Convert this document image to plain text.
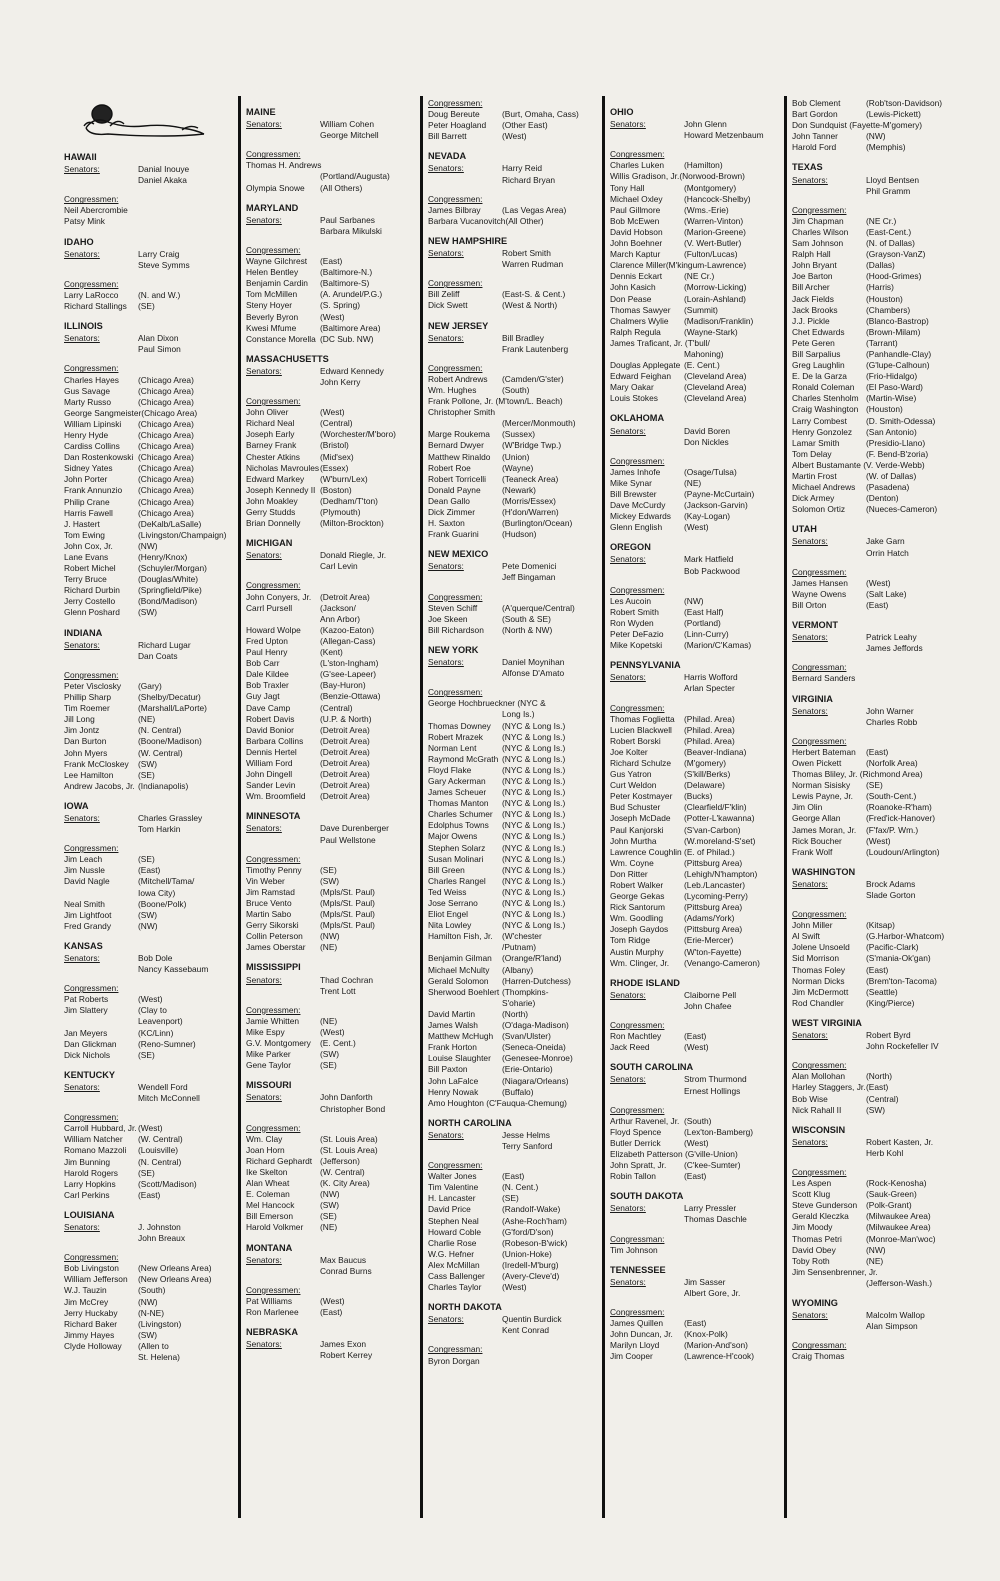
HAWAII
Senators:	Danial Inouye
Daniel Akaka
Congressmen:
Neil Abercrombie
Patsy Mink
IDAHO
Senators:	Larry Craig
Steve Symms
Congressmen:
Larry LaRocco	(N. and W.)
Richard Stallings	(SE)
ILLINOIS
Senators:	Alan Dixon
Paul Simon
Congressmen:
Charles Hayes	(Chicago Area)
Gus Savage	(Chicago Area)
Marty Russo	(Chicago Area)
George Sangmeister (Chicago Area)
William Lipinski	(Chicago Area)
Henry Hyde	(Chicago Area)
Cardiss Collins	(Chicago Area)
Dan Rostenkowski (Chicago Area)
Sidney Yates	(Chicago Area)
John Porter	(Chicago Area)
Frank Annunzio	(Chicago Area)
Philip Crane	(Chicago Area)
Harris Fawell	(Chicago Area)
J. Hastert	(DeKalb/LaSalle)
Tom Ewing	(Livingston/Champaign)
John Cox, Jr.	(NW)
Lane Evans	(Henry/Knox)
Robert Michel	(Schuyler/Morgan)
Terry Bruce	(Douglas/White)
Richard Durbin	(Springfield/Pike)
Jerry Costello	(Bond/Madison)
Glenn Poshard	(SW)
INDIANA
Senators:	Richard Lugar
Dan Coats
Congressmen:
Peter Visclosky	(Gary)
Phillip Sharp	(Shelby/Decatur)
Tim Roemer	(Marshall/LaPorte)
Jill Long	(NE)
Jim Jontz	(N. Central)
Dan Burton	(Boone/Madison)
John Myers	(W. Central)
Frank McCloskey	(SW)
Lee Hamilton	(SE)
Andrew Jacobs, Jr. (Indianapolis)
IOWA
Senators:	Charles Grassley
Tom Harkin
Congressmen:
Jim Leach	(SE)
Jim Nussle	(East)
David Nagle	(Mitchell/Tama/
Iowa City)
Neal Smith	(Boone/Polk)
Jim Lightfoot	(SW)
Fred Grandy	(NW)
KANSAS
Senators:	Bob Dole
Nancy Kassebaum
Congressmen:
Pat Roberts	(West)
Jim Slattery	(Clay to
Leavenport)
Jan Meyers	(KC/Linn)
Dan Glickman	(Reno-Sumner)
Dick Nichols	(SE)
KENTUCKY
Senators:	Wendell Ford
Mitch McConnell
Congressmen:
Carroll Hubbard, Jr. (West)
William Natcher	(W. Central)
Romano Mazzoli	(Louisville)
Jim Bunning	(N. Central)
Harold Rogers	(SE)
Larry Hopkins	(Scott/Madison)
Carl Perkins	(East)
LOUISIANA
Senators:	J. Johnston
John Breaux
Congressmen:
Bob Livingston	(New Orleans Area)
William Jefferson	(New Orleans Area)
W.J. Tauzin	(South)
Jim McCrey	(NW)
Jerry Huckaby	(N-NE)
Richard Baker	(Livingston)
Jimmy Hayes	(SW)
Clyde Holloway	(Allen to
St. Helena)
MAINE
Senators:	William Cohen
George Mitchell
Congressmen:
Thomas H. Andrews
(Portland/Augusta)
Olympia Snowe	(All Others)
MARYLAND
Senators:	Paul Sarbanes
Barbara Mikulski
Congressmen:
Wayne Gilchrest	(East)
Helen Bentley	(Baltimore-N.)
Benjamin Cardin	(Baltimore-S)
Tom McMillen	(A. Arundel/P.G.)
Steny Hoyer	(S. Spring)
Beverly Byron	(West)
Kwesi Mfume	(Baltimore Area)
Constance Morella (DC Sub. NW)
MASSACHUSETTS
Senators:	Edward Kennedy
John Kerry
Congressmen:
John Oliver	(West)
Richard Neal	(Central)
Joseph Early	(Worchester/M'boro)
Barney Frank	(Bristol)
Chester Atkins	(Mid'sex)
Nicholas Mavroules (Essex)
Edward Markey	(W'burn/Lex)
Joseph Kennedy II (Boston)
John Moakley	(Dedham/T'ton)
Gerry Studds	(Plymouth)
Brian Donnelly	(Milton-Brockton)
MICHIGAN
Senators:	Donald Riegle, Jr.
Carl Levin
Congressmen:
John Conyers, Jr.	(Detroit Area)
Carrl Pursell	(Jackson/
Ann Arbor)
Howard Wolpe	(Kazoo-Eaton)
Fred Upton	(Allegan-Cass)
Paul Henry	(Kent)
Bob Carr	(L'ston-Ingham)
Dale Kildee	(G'see-Lapeer)
Bob Traxler	(Bay-Huron)
Guy Jagt	(Benzie-Ottawa)
Dave Camp	(Central)
Robert Davis	(U.P. & North)
David Bonior	(Detroit Area)
Barbara Collins	(Detroit Area)
Dennis Hertel	(Detroit Area)
William Ford	(Detroit Area)
John Dingell	(Detroit Area)
Sander Levin	(Detroit Area)
Wm. Broomfield	(Detroit Area)
MINNESOTA
Senators:	Dave Durenberger
Paul Wellstone
Congressmen:
Timothy Penny	(SE)
Vin Weber	(SW)
Jim Ramstad	(Mpls/St. Paul)
Bruce Vento	(Mpls/St. Paul)
Martin Sabo	(Mpls/St. Paul)
Gerry Sikorski	(Mpls/St. Paul)
Collin Peterson	(NW)
James Oberstar	(NE)
MISSISSIPPI
Senators:	Thad Cochran
Trent Lott
Congressmen:
Jamie Whitten	(NE)
Mike Espy	(West)
G.V. Montgomery	(E. Cent.)
Mike Parker	(SW)
Gene Taylor	(SE)
MISSOURI
Senators:	John Danforth
Christopher Bond
Congressmen:
Wm. Clay	(St. Louis Area)
Joan Horn	(St. Louis Area)
Richard Gephardt (Jefferson)
Ike Skelton	(W. Central)
Alan Wheat	(K. City Area)
E. Coleman	(NW)
Mel Hancock	(SW)
Bill Emerson	(SE)
Harold Volkmer	(NE)
MONTANA
Senators:	Max Baucus
Conrad Burns
Congressmen:
Pat Williams	(West)
Ron Marlenee	(East)
NEBRASKA
Senators:	James Exon
Robert Kerrey
Congressmen:
Doug Bereute	(Burt, Omaha, Cass)
Peter Hoagland	(Other East)
Bill Barrett	(West)
NEVADA
Senators:	Harry Reid
Richard Bryan
Congressmen:
James Bilbray	(Las Vegas Area)
Barbara Vucanovitch (All Other)
NEW HAMPSHIRE
Senators:	Robert Smith
Warren Rudman
Congressmen:
Bill Zeliff	(East-S. & Cent.)
Dick Swett	(West & North)
NEW JERSEY
Senators:	Bill Bradley
Frank Lautenberg
Congressmen:
Robert Andrews	(Camden/G'ster)
Wm. Hughes	(South)
Frank Pollone, Jr. (M'town/L. Beach)
Christopher Smith
(Mercer/Monmouth)
Marge Roukema	(Sussex)
Bernard Dwyer	(W'Bridge Twp.)
Matthew Rinaldo	(Union)
Robert Roe	(Wayne)
Robert Torricelli	(Teaneck Area)
Donald Payne	(Newark)
Dean Gallo	(Morris/Essex)
Dick Zimmer	(H'don/Warren)
H. Saxton	(Burlington/Ocean)
Frank Guarini	(Hudson)
NEW MEXICO
Senators:	Pete Domenici
Jeff Bingaman
Congressmen:
Steven Schiff	(A'querque/Central)
Joe Skeen	(South & SE)
Bill Richardson	(North & NW)
NEW YORK
Senators:	Daniel Moynihan
Alfonse D'Amato
Congressmen:
George Hochbrueckner (NYC &
Long Is.)
Thomas Downey	(NYC & Long Is.)
Robert Mrazek	(NYC & Long Is.)
Norman Lent	(NYC & Long Is.)
Raymond McGrath (NYC & Long Is.)
Floyd Flake	(NYC & Long Is.)
Gary Ackerman	(NYC & Long Is.)
James Scheuer	(NYC & Long Is.)
Thomas Manton	(NYC & Long Is.)
Charles Schumer	(NYC & Long Is.)
Edolphus Towns	(NYC & Long Is.)
Major Owens	(NYC & Long Is.)
Stephen Solarz	(NYC & Long Is.)
Susan Molinari	(NYC & Long Is.)
Bill Green	(NYC & Long Is.)
Charles Rangel	(NYC & Long Is.)
Ted Weiss	(NYC & Long Is.)
Jose Serrano	(NYC & Long Is.)
Eliot Engel	(NYC & Long Is.)
Nita Lowley	(NYC & Long Is.)
Hamilton Fish, Jr.	(W'chester
/Putnam)
Benjamin Gilman	(Orange/R'land)
Michael McNulty	(Albany)
Gerald Solomon	(Harren-Dutchess)
Sherwood Boehlert (Thompkins-
S'oharie)
David Martin	(North)
James Walsh	(O'daga-Madison)
Matthew McHugh	(Svan/Ulster)
Frank Horton	(Seneca-Oneida)
Louise Slaughter	(Genesee-Monroe)
Bill Paxton	(Erie-Ontario)
John LaFalce	(Niagara/Orleans)
Henry Nowak	(Buffalo)
Amo Houghton (C'Fauqua-Chemung)
NORTH CAROLINA
Senators:	Jesse Helms
Terry Sanford
Congressmen:
Walter Jones	(East)
Tim Valentine	(N. Cent.)
H. Lancaster	(SE)
David Price	(Randolf-Wake)
Stephen Neal	(Ashe-Roch'ham)
Howard Coble	(G'ford/D'son)
Charlie Rose	(Robeson-B'wick)
W.G. Hefner	(Union-Hoke)
Alex McMillan	(Iredell-M'burg)
Cass Ballenger	(Avery-Cleve'd)
Charles Taylor	(West)
NORTH DAKOTA
Senators:	Quentin Burdick
Kent Conrad
Congressman:
Byron Dorgan
OHIO
Senators:	John Glenn
Howard Metzenbaum
Congressmen:
Charles Luken	(Hamilton)
Willis Gradison, Jr.(Norwood-Brown)
Tony Hall	(Montgomery)
Michael Oxley	(Hancock-Shelby)
Paul Gillmore	(Wms.-Erie)
Bob McEwen	(Warren-Vinton)
David Hobson	(Marion-Greene)
John Boehner	(V. Wert-Butler)
March Kaptur	(Fulton/Lucas)
Clarence Miller(M'kingum-Lawrence)
Dennis Eckart	(NE Cr.)
John Kasich	(Morrow-Licking)
Don Pease	(Lorain-Ashland)
Thomas Sawyer	(Summit)
Chalmers Wylie	(Madison/Franklin)
Ralph Regula	(Wayne-Stark)
James Traficant, Jr. (T'bull/
Mahoning)
Douglas Applegate (E. Cent.)
Edward Feighan	(Cleveland Area)
Mary Oakar	(Cleveland Area)
Louis Stokes	(Cleveland Area)
OKLAHOMA
Senators:	David Boren
Don Nickles
Congressmen:
James Inhofe	(Osage/Tulsa)
Mike Synar	(NE)
Bill Brewster	(Payne-McCurtain)
Dave McCurdy	(Jackson-Garvin)
Mickey Edwards	(Kay-Logan)
Glenn English	(West)
OREGON
Senators:	Mark Hatfield
Bob Packwood
Congressmen:
Les Aucoin	(NW)
Robert Smith	(East Half)
Ron Wyden	(Portland)
Peter DeFazio	(Linn-Curry)
Mike Kopetski	(Marion/C'Kamas)
PENNSYLVANIA
Senators:	Harris Wofford
Arlan Specter
Congressmen:
Thomas Foglietta	(Philad. Area)
Lucien Blackwell	(Philad. Area)
Robert Borski	(Philad. Area)
Joe Kolter	(Beaver-Indiana)
Richard Schulze	(M'gomery)
Gus Yatron	(S'kill/Berks)
Curt Weldon	(Delaware)
Peter Kostmayer	(Bucks)
Bud Schuster	(Clearfield/F'klin)
Joseph McDade	(Potter-L'kawanna)
Paul Kanjorski	(S'van-Carbon)
John Murtha	(W.moreland-S'set)
Lawrence Coughlin (E. of Philad.)
Wm. Coyne	(Pittsburg Area)
Don Ritter	(Lehigh/N'hampton)
Robert Walker	(Leb./Lancaster)
George Gekas	(Lycoming-Perry)
Rick Santorum	(Pittsburg Area)
Wm. Goodling	(Adams/York)
Joseph Gaydos	(Pittsburg Area)
Tom Ridge	(Erie-Mercer)
Austin Murphy	(W'ton-Fayette)
Wm. Clinger, Jr.	(Venango-Cameron)
RHODE ISLAND
Senators:	Claiborne Pell
John Chafee
Congressmen:
Ron Machtley	(East)
Jack Reed	(West)
SOUTH CAROLINA
Senators:	Strom Thurmond
Ernest Hollings
Congressmen:
Arthur Ravenel, Jr. (South)
Floyd Spence	(Lex'ton-Bamberg)
Butler Derrick	(West)
Elizabeth Patterson (G'ville-Union)
John Spratt, Jr.	(C'kee-Sumter)
Robin Tallon	(East)
SOUTH DAKOTA
Senators:	Larry Pressler
Thomas Daschle
Congressman:
Tim Johnson
TENNESSEE
Senators:	Jim Sasser
Albert Gore, Jr.
Congressmen:
James Quillen	(East)
John Duncan, Jr.	(Knox-Polk)
Marilyn Lloyd	(Marion-And'son)
Jim Cooper	(Lawrence-H'cook)
Bob Clement	(Rob'tson-Davidson)
Bart Gordon	(Lewis-Pickett)
Don Sundquist (Fayette-M'gomery)
John Tanner	(NW)
Harold Ford	(Memphis)
TEXAS
Senators:	Lloyd Bentsen
Phil Gramm
Congressmen:
Jim Chapman	(NE Cr.)
Charles Wilson	(East-Cent.)
Sam Johnson	(N. of Dallas)
Ralph Hall	(Grayson-VanZ)
John Bryant	(Dallas)
Joe Barton	(Hood-Grimes)
Bill Archer	(Harris)
Jack Fields	(Houston)
Jack Brooks	(Chambers)
J.J. Pickle	(Blanco-Bastrop)
Chet Edwards	(Brown-Milam)
Pete Geren	(Tarrant)
Bill Sarpalius	(Panhandle-Clay)
Greg Laughlin	(G'lupe-Calhoun)
E. De la Garza	(Frio-Hidalgo)
Ronald Coleman	(El Paso-Ward)
Charles Stenholm (Martin-Wise)
Craig Washington (Houston)
Larry Combest	(D. Smith-Odessa)
Henry Gonzolez	(San Antonio)
Lamar Smith	(Presidio-Llano)
Tom Delay	(F. Bend-B'zoria)
Albert Bustamante (V. Verde-Webb)
Martin Frost	(W. of Dallas)
Michael Andrews	(Pasadena)
Dick Armey	(Denton)
Solomon Ortiz	(Nueces-Cameron)
UTAH
Senators:	Jake Garn
Orrin Hatch
Congressmen:
James Hansen	(West)
Wayne Owens	(Salt Lake)
Bill Orton	(East)
VERMONT
Senators:	Patrick Leahy
James Jeffords
Congressman:
Bernard Sanders
VIRGINIA
Senators:	John Warner
Charles Robb
Congressmen:
Herbert Bateman	(East)
Owen Pickett	(Norfolk Area)
Thomas Bliley, Jr. (Richmond Area)
Norman Sisisky	(SE)
Lewis Payne, Jr.	(South-Cent.)
Jim Olin	(Roanoke-R'ham)
George Allan	(Fred'ick-Hanover)
James Moran, Jr.	(F'fax/P. Wm.)
Rick Boucher	(West)
Frank Wolf	(Loudoun/Arlington)
WASHINGTON
Senators:	Brock Adams
Slade Gorton
Congressmen:
John Miller	(Kitsap)
Al Swift	(G.Harbor-Whatcom)
Jolene Unsoeld	(Pacific-Clark)
Sid Morrison	(S'mania-Ok'gan)
Thomas Foley	(East)
Norman Dicks	(Brem'ton-Tacoma)
Jim McDermott	(Seattle)
Rod Chandler	(King/Pierce)
WEST VIRGINIA
Senators:	Robert Byrd
John Rockefeller IV
Congressmen:
Alan Mollohan	(North)
Harley Staggers, Jr. (East)
Bob Wise	(Central)
Nick Rahall II	(SW)
WISCONSIN
Senators:	Robert Kasten, Jr.
Herb Kohl
Congressmen:
Les Aspen	(Rock-Kenosha)
Scott Klug	(Sauk-Green)
Steve Gunderson	(Polk-Grant)
Gerald Kleczka	(Milwaukee Area)
Jim Moody	(Milwaukee Area)
Thomas Petri	(Monroe-Man'woc)
David Obey	(NW)
Toby Roth	(NE)
Jim Sensenbrenner, Jr.
(Jefferson-Wash.)
WYOMING
Senators:	Malcolm Wallop
Alan Simpson
Congressman:
Craig Thomas
